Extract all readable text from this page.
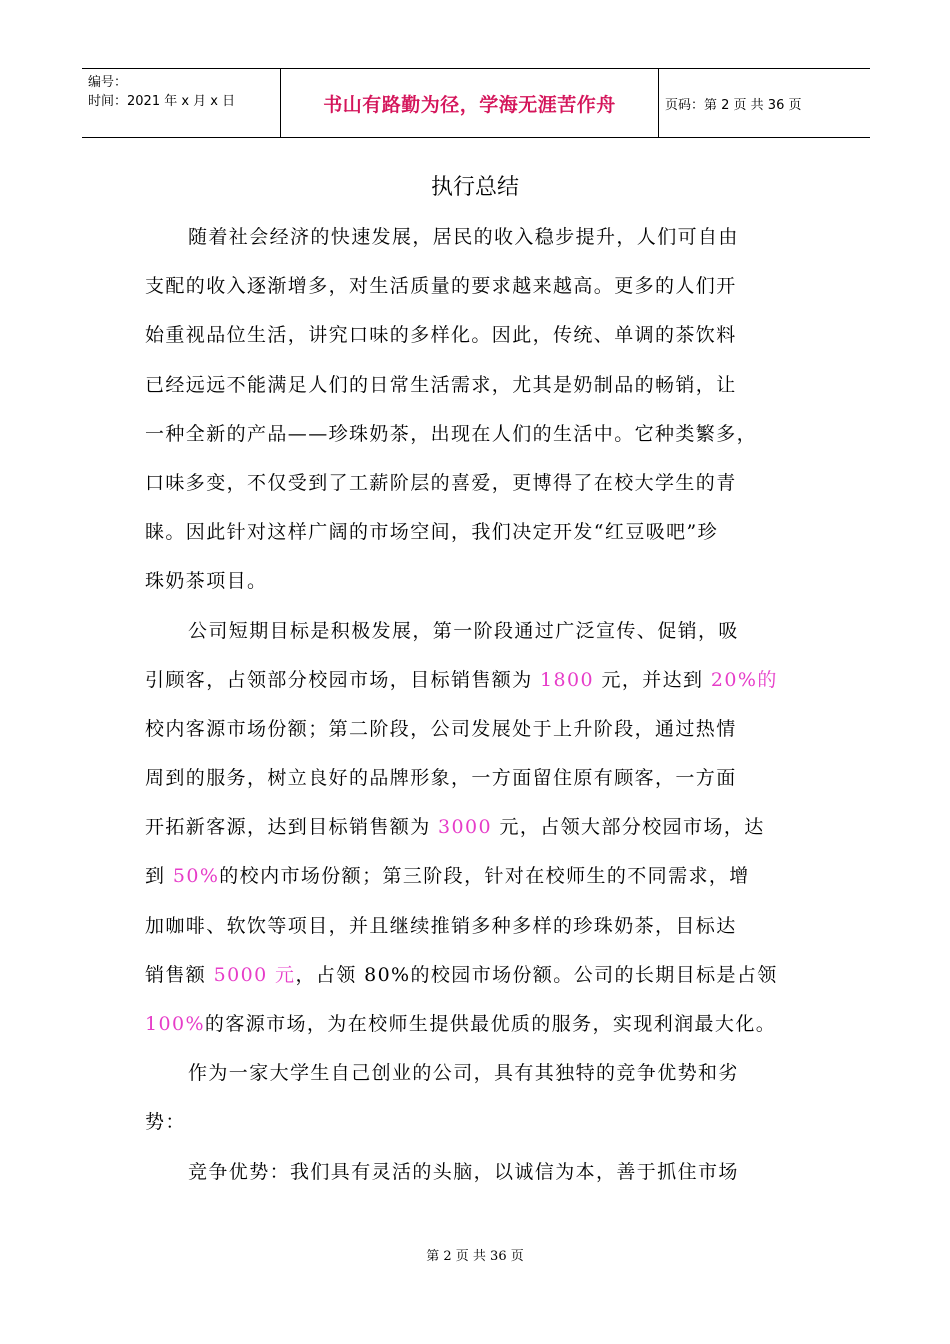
编号：
时间：2021 年 x 月 x 日	书山有路勤为径，学海无涯苦作舟	页码：第 2 页 共 36 页
执行总结
随着社会经济的快速发展，居民的收入稳步提升，人们可自由
支配的收入逐渐增多，对生活质量的要求越来越高。更多的人们开
始重视品位生活，讲究口味的多样化。因此，传统、单调的茶饮料
已经远远不能满足人们的日常生活需求，尤其是奶制品的畅销，让
一种全新的产品——珍珠奶茶，出现在人们的生活中。它种类繁多，
口味多变，不仅受到了工薪阶层的喜爱，更博得了在校大学生的青
睐。因此针对这样广阔的市场空间，我们决定开发“红豆吸吧”珍
珠奶茶项目。
公司短期目标是积极发展，第一阶段通过广泛宣传、促销，吸
引顾客，占领部分校园市场，目标销售额为 1800 元，并达到 20%的
校内客源市场份额；第二阶段，公司发展处于上升阶段，通过热情
周到的服务，树立良好的品牌形象，一方面留住原有顾客，一方面
开拓新客源，达到目标销售额为 3000 元，占领大部分校园市场，达
到 50%的校内市场份额；第三阶段，针对在校师生的不同需求，增
加咖啡、软饮等项目，并且继续推销多种多样的珍珠奶茶，目标达
销售额 5000 元，占领 80%的校园市场份额。公司的长期目标是占领
100%的客源市场，为在校师生提供最优质的服务，实现利润最大化。
作为一家大学生自己创业的公司，具有其独特的竞争优势和劣
势：
竞争优势：我们具有灵活的头脑，以诚信为本，善于抓住市场
第 2 页 共 36 页
